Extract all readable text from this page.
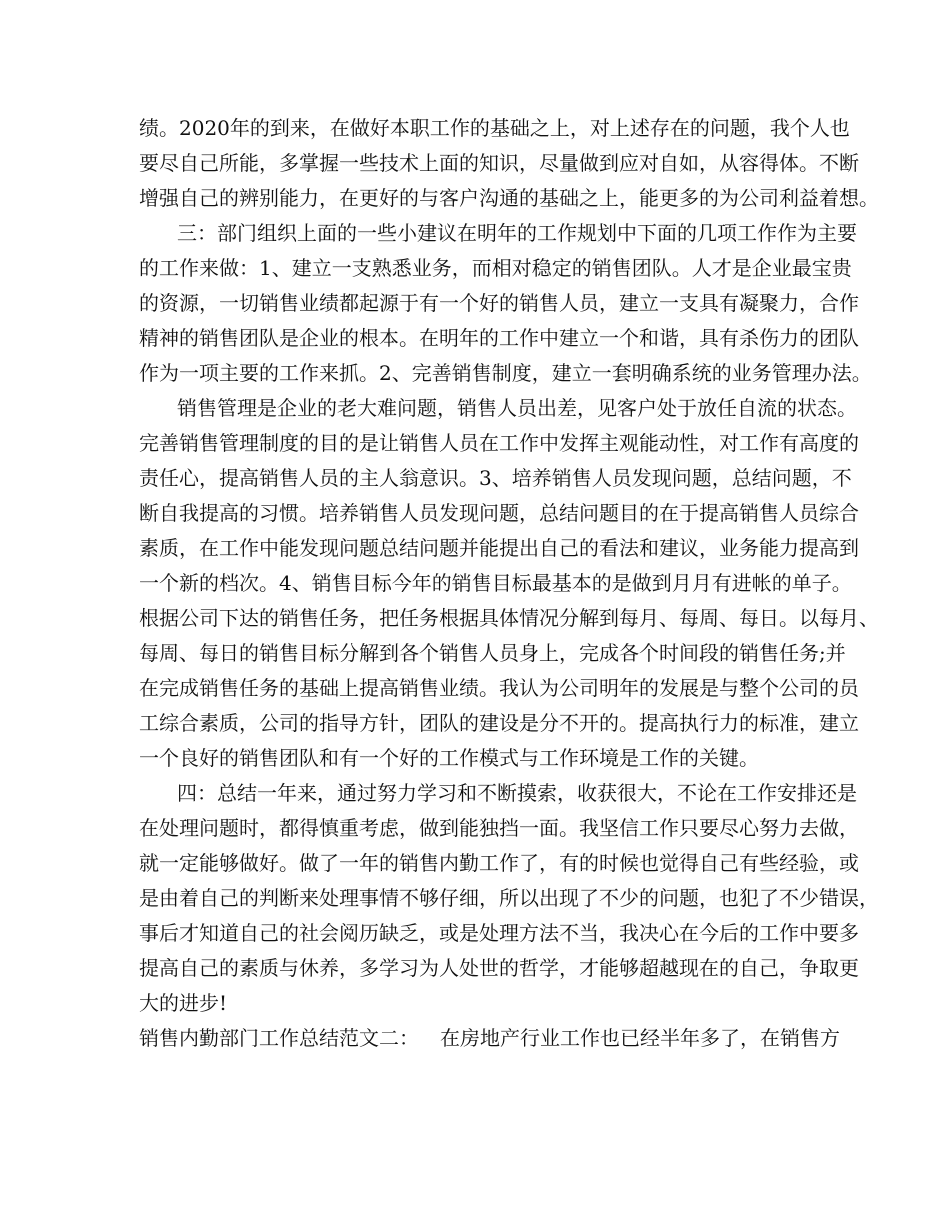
绩。2020年的到来，在做好本职工作的基础之上，对上述存在的问题，我个人也
要尽自己所能，多掌握一些技术上面的知识，尽量做到应对自如，从容得体。不断
增强自己的辨别能力，在更好的与客户沟通的基础之上，能更多的为公司利益着想。
三：部门组织上面的一些小建议在明年的工作规划中下面的几项工作作为主要
的工作来做：1、建立一支熟悉业务，而相对稳定的销售团队。人才是企业最宝贵
的资源，一切销售业绩都起源于有一个好的销售人员，建立一支具有凝聚力，合作
精神的销售团队是企业的根本。在明年的工作中建立一个和谐，具有杀伤力的团队
作为一项主要的工作来抓。2、完善销售制度，建立一套明确系统的业务管理办法。
销售管理是企业的老大难问题，销售人员出差，见客户处于放任自流的状态。
完善销售管理制度的目的是让销售人员在工作中发挥主观能动性，对工作有高度的
责任心，提高销售人员的主人翁意识。3、培养销售人员发现问题，总结问题，不
断自我提高的习惯。培养销售人员发现问题，总结问题目的在于提高销售人员综合
素质，在工作中能发现问题总结问题并能提出自己的看法和建议，业务能力提高到
一个新的档次。4、销售目标今年的销售目标最基本的是做到月月有进帐的单子。
根据公司下达的销售任务，把任务根据具体情况分解到每月、每周、每日。以每月、
每周、每日的销售目标分解到各个销售人员身上，完成各个时间段的销售任务;并
在完成销售任务的基础上提高销售业绩。我认为公司明年的发展是与整个公司的员
工综合素质，公司的指导方针，团队的建设是分不开的。提高执行力的标准，建立
一个良好的销售团队和有一个好的工作模式与工作环境是工作的关键。
四：总结一年来，通过努力学习和不断摸索，收获很大，不论在工作安排还是
在处理问题时，都得慎重考虑，做到能独挡一面。我坚信工作只要尽心努力去做，
就一定能够做好。做了一年的销售内勤工作了，有的时候也觉得自己有些经验，或
是由着自己的判断来处理事情不够仔细，所以出现了不少的问题，也犯了不少错误，
事后才知道自己的社会阅历缺乏，或是处理方法不当，我决心在今后的工作中要多
提高自己的素质与休养，多学习为人处世的哲学，才能够超越现在的自己，争取更
大的进步!
销售内勤部门工作总结范文二： 在房地产行业工作也已经半年多了，在销售方
